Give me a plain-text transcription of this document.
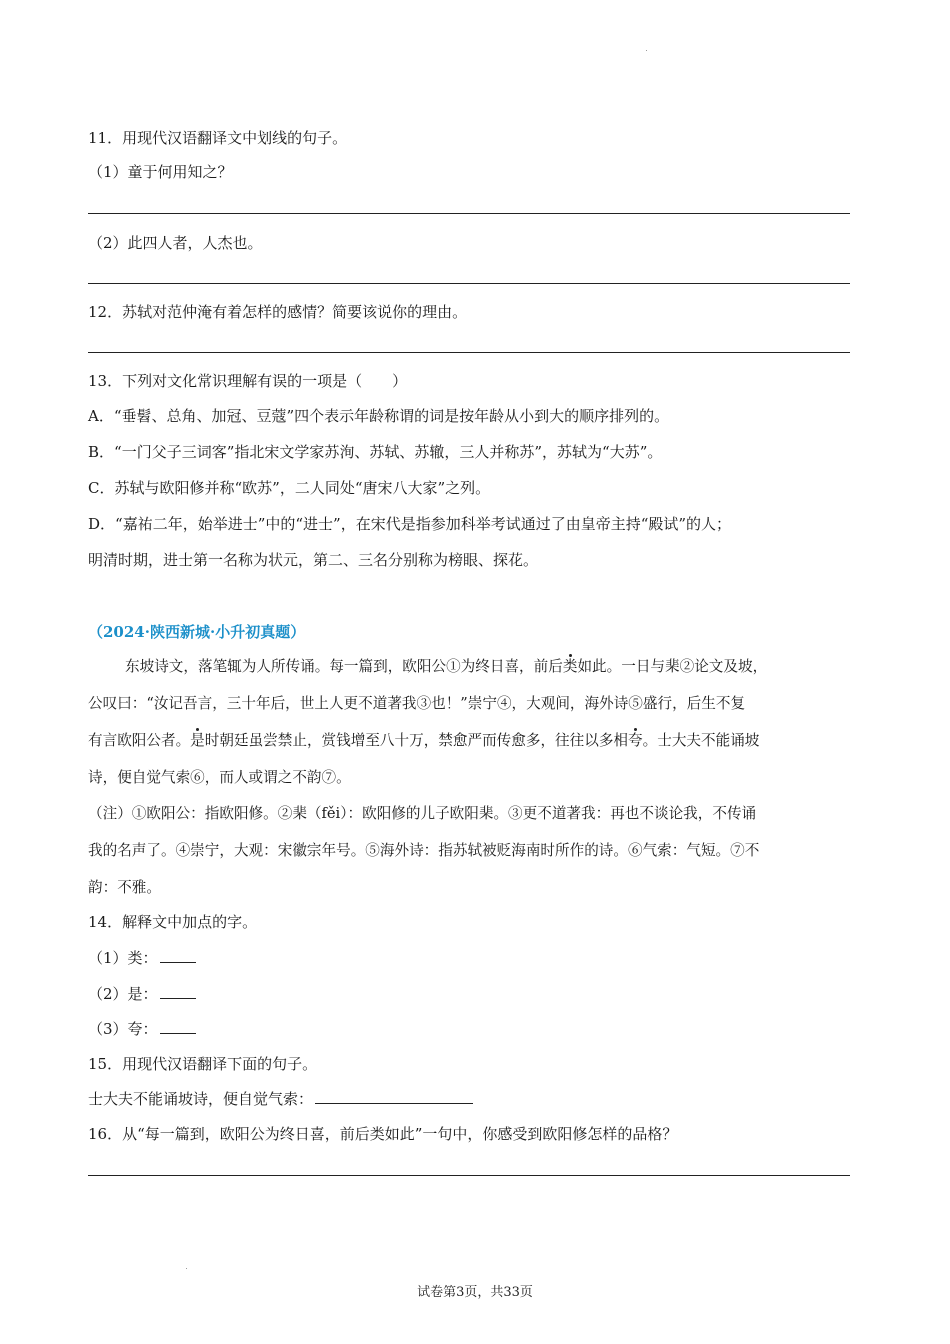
11．用现代汉语翻译文中划线的句子。
（1）童于何用知之？
（2）此四人者，人杰也。
12．苏轼对范仲淹有着怎样的感情？简要该说你的理由。
13．下列对文化常识理解有误的一项是（　　）
A．“垂髫、总角、加冠、豆蔻”四个表示年龄称谓的词是按年龄从小到大的顺序排列的。
B．“一门父子三词客”指北宋文学家苏洵、苏轼、苏辙，三人并称苏”，苏轼为“大苏”。
C．苏轼与欧阳修并称“欧苏”，二人同处“唐宋八大家”之列。
D．“嘉祐二年，始举进士”中的“进士”，在宋代是指参加科举考试通过了由皇帝主持“殿试”的人；
明清时期，进士第一名称为状元，第二、三名分别称为榜眼、探花。
（2024·陕西新城·小升初真题）
东坡诗文，落笔辄为人所传诵。每一篇到，欧阳公①为终日喜，前后类如此。一日与棐②论文及坡，
公叹曰：“汝记吾言，三十年后，世上人更不道著我③也！”崇宁④，大观间，海外诗⑤盛行，后生不复
有言欧阳公者。是时朝廷虽尝禁止，赏钱增至八十万，禁愈严而传愈多，往往以多相夸。士大夫不能诵坡
诗，便自觉气索⑥，而人或谓之不韵⑦。
（注）①欧阳公：指欧阳修。②棐（fěi）：欧阳修的儿子欧阳棐。③更不道著我：再也不谈论我，不传诵
我的名声了。④崇宁，大观：宋徽宗年号。⑤海外诗：指苏轼被贬海南时所作的诗。⑥气索：气短。⑦不
韵：不雅。
14．解释文中加点的字。
（1）类：
（2）是：
（3）夸：
15．用现代汉语翻译下面的句子。
士大夫不能诵坡诗，便自觉气索：
16．从“每一篇到，欧阳公为终日喜，前后类如此”一句中，你感受到欧阳修怎样的品格？
试卷第3页，共33页
